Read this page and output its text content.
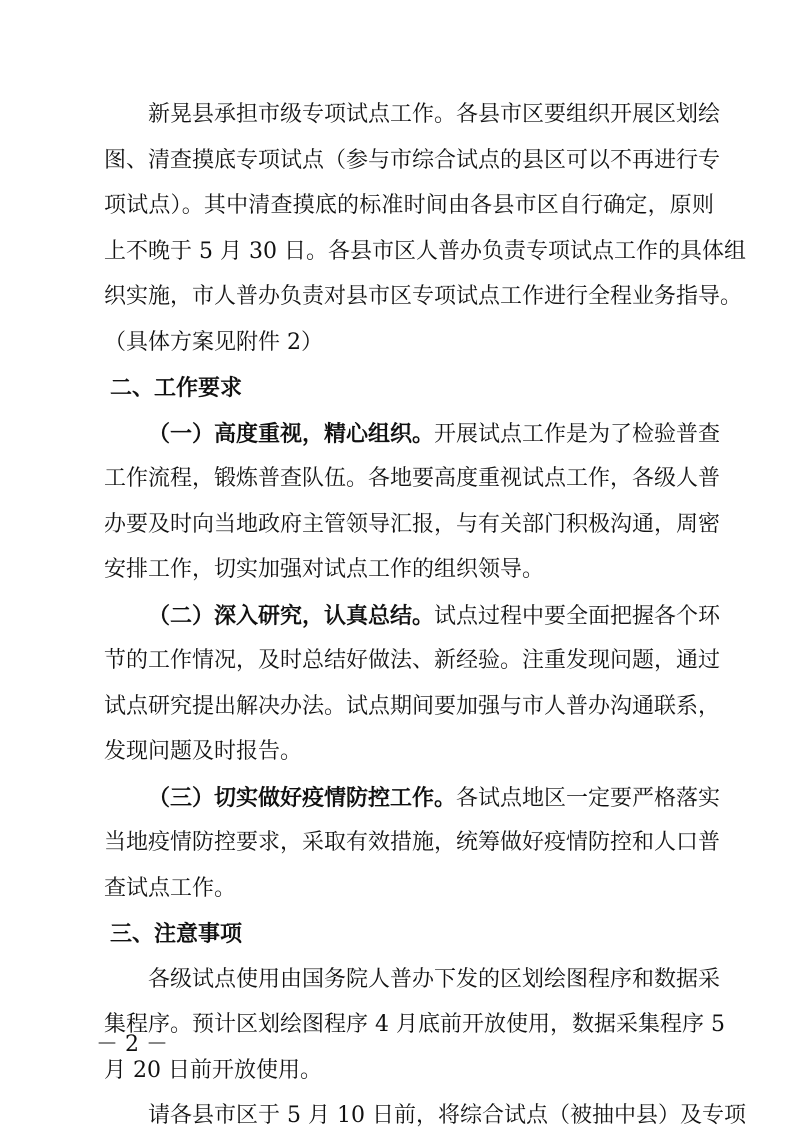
新晃县承担市级专项试点工作。各县市区要组织开展区划绘
图、清查摸底专项试点（参与市综合试点的县区可以不再进行专
项试点）。其中清查摸底的标准时间由各县市区自行确定，原则
上不晚于 5 月 30 日。各县市区人普办负责专项试点工作的具体组
织实施，市人普办负责对县市区专项试点工作进行全程业务指导。
（具体方案见附件 2）
二、工作要求
（一）高度重视，精心组织。开展试点工作是为了检验普查
工作流程，锻炼普查队伍。各地要高度重视试点工作，各级人普
办要及时向当地政府主管领导汇报，与有关部门积极沟通，周密
安排工作，切实加强对试点工作的组织领导。
（二）深入研究，认真总结。试点过程中要全面把握各个环
节的工作情况，及时总结好做法、新经验。注重发现问题，通过
试点研究提出解决办法。试点期间要加强与市人普办沟通联系，
发现问题及时报告。
（三）切实做好疫情防控工作。各试点地区一定要严格落实
当地疫情防控要求，采取有效措施，统筹做好疫情防控和人口普
查试点工作。
三、注意事项
各级试点使用由国务院人普办下发的区划绘图程序和数据采
集程序。预计区划绘图程序 4 月底前开放使用，数据采集程序 5
月 20 日前开放使用。
请各县市区于 5 月 10 日前，将综合试点（被抽中县）及专项
－ 2 －
